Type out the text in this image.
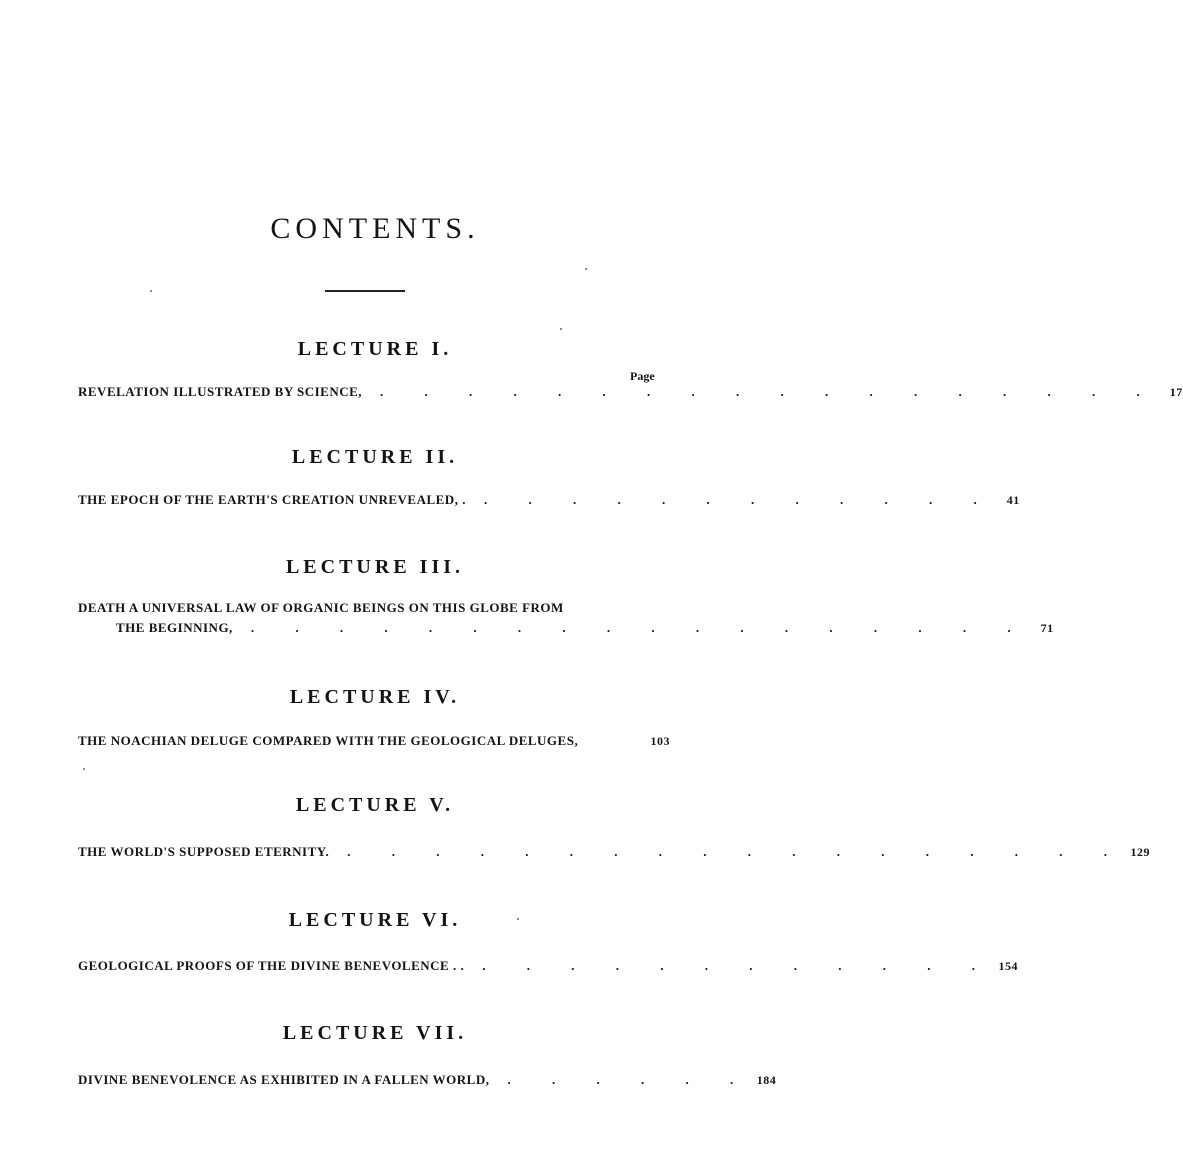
CONTENTS.
Page
LECTURE I.
REVELATION ILLUSTRATED BY SCIENCE,	. . . . . . . . . . . . . . . . . . 17
LECTURE II.
THE EPOCH OF THE EARTH'S CREATION UNREVEALED, .	. . . . . . . . . . . . 41
LECTURE III.
DEATH A UNIVERSAL LAW OF ORGANIC BEINGS ON THIS GLOBE FROM
THE BEGINNING,	. . . . . . . . . . . . . . . . . . 71
LECTURE IV.
THE NOACHIAN DELUGE COMPARED WITH THE GEOLOGICAL DELUGES,	103
LECTURE V.
THE WORLD'S SUPPOSED ETERNITY.	. . . . . . . . . . . . . . . . . . 129
LECTURE VI.
GEOLOGICAL PROOFS OF THE DIVINE BENEVOLENCE . .	. . . . . . . . . . . . 154
LECTURE VII.
DIVINE BENEVOLENCE AS EXHIBITED IN A FALLEN WORLD,	. . . . . . 184
